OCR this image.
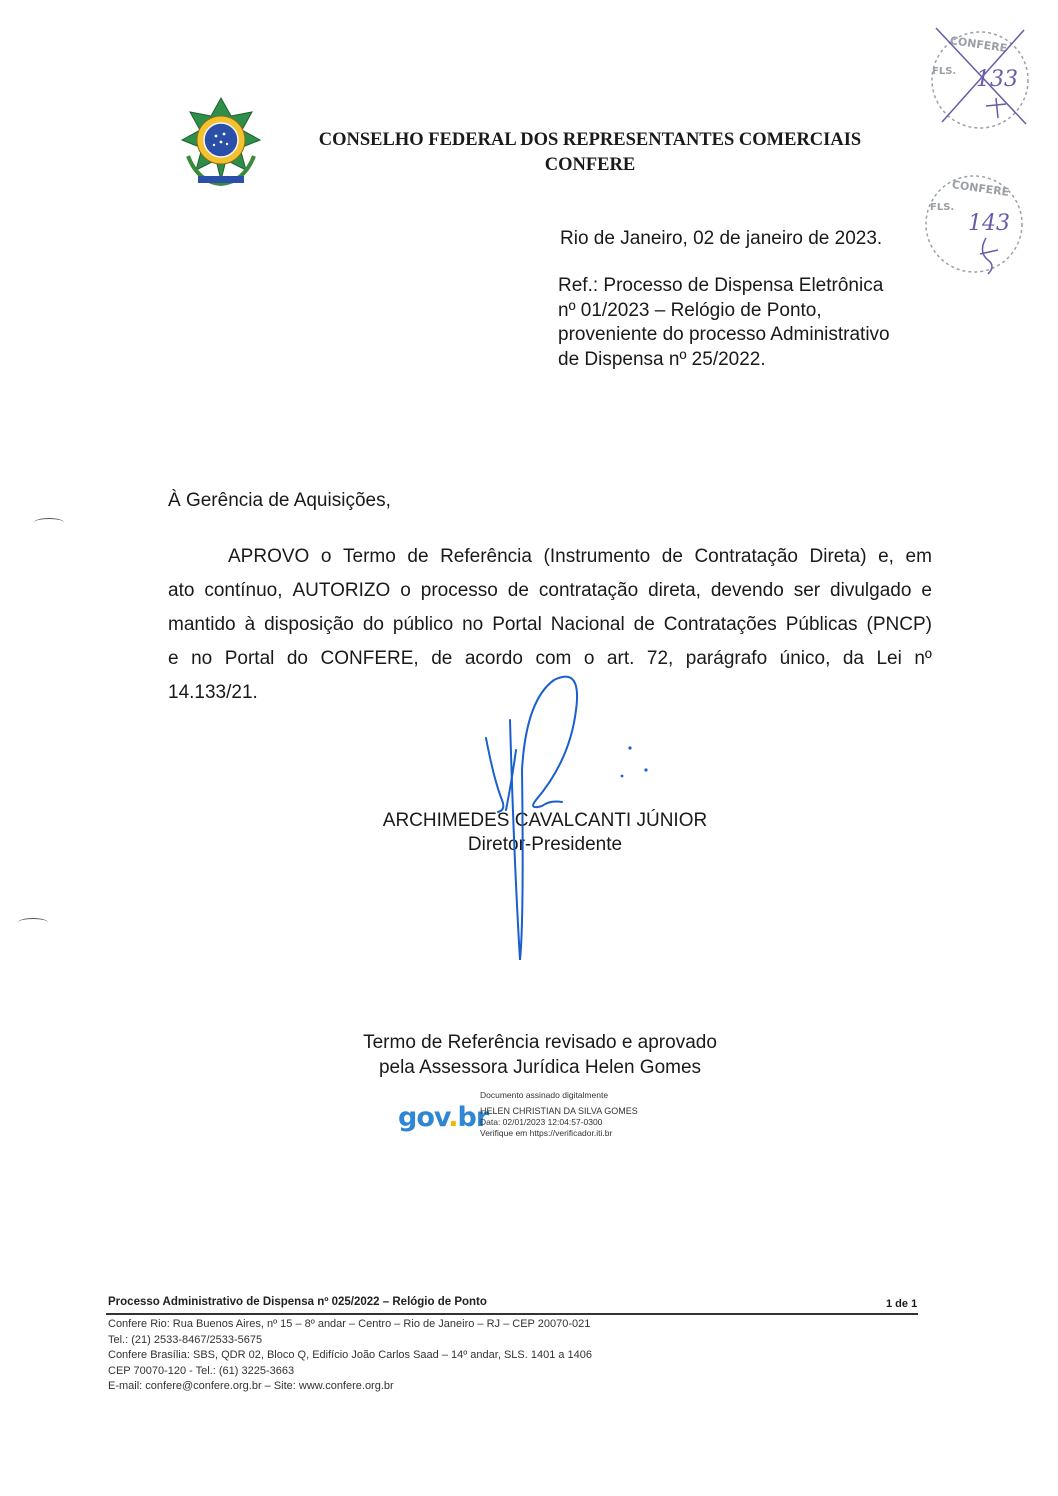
CONSELHO FEDERAL DOS REPRESENTANTES COMERCIAIS
CONFERE
CONFERE
FLS. 133
CONFERE
FLS.
143
Rio de Janeiro, 02 de janeiro de 2023.
Ref.: Processo de Dispensa Eletrônica
nº 01/2023 – Relógio de Ponto,
proveniente do processo Administrativo
de Dispensa nº 25/2022.
À Gerência de Aquisições,
APROVO o Termo de Referência (Instrumento de Contratação Direta) e, em
ato contínuo, AUTORIZO o processo de contratação direta, devendo ser divulgado e
mantido à disposição do público no Portal Nacional de Contratações Públicas (PNCP)
e no Portal do CONFERE, de acordo com o art. 72, parágrafo único, da Lei nº
14.133/21.
ARCHIMEDES CAVALCANTI JÚNIOR
Diretor-Presidente
Termo de Referência revisado e aprovado
pela Assessora Jurídica Helen Gomes
Documento assinado digitalmente
gov.br
HELEN CHRISTIAN DA SILVA GOMES
Data: 02/01/2023 12:04:57-0300
Verifique em https://verificador.iti.br
Processo Administrativo de Dispensa nº 025/2022 – Relógio de Ponto	1 de 1
Confere Rio: Rua Buenos Aires, nº 15 – 8º andar – Centro – Rio de Janeiro – RJ – CEP 20070-021
Tel.: (21) 2533-8467/2533-5675
Confere Brasília: SBS, QDR 02, Bloco Q, Edifício João Carlos Saad – 14º andar, SLS. 1401 a 1406
CEP 70070-120 - Tel.: (61) 3225-3663
E-mail: confere@confere.org.br – Site: www.confere.org.br
